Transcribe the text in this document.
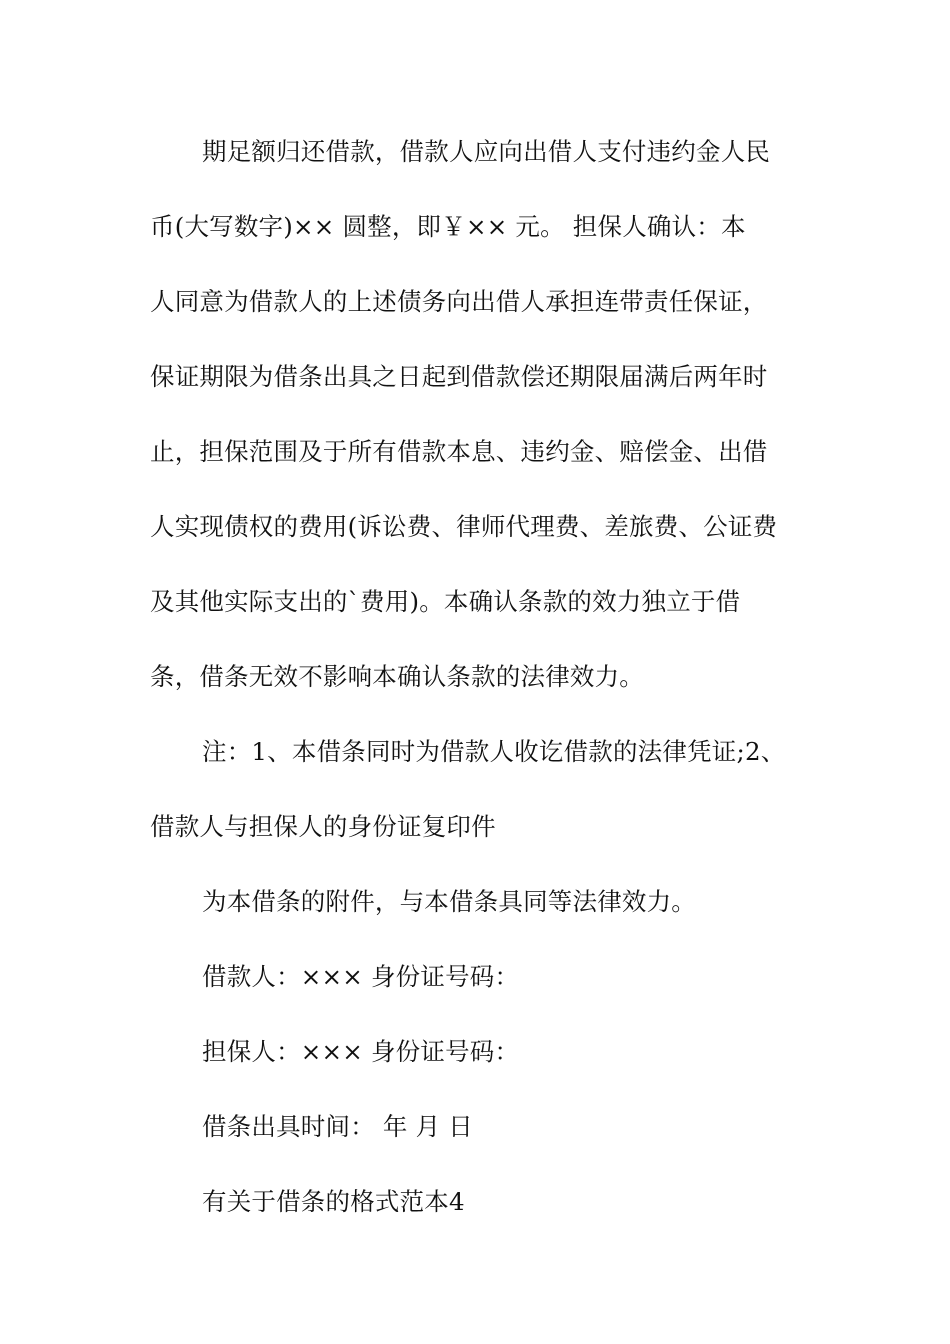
期足额归还借款，借款人应向出借人支付违约金人民
币(大写数字)×× 圆整，即￥×× 元。 担保人确认：本
人同意为借款人的上述债务向出借人承担连带责任保证，
保证期限为借条出具之日起到借款偿还期限届满后两年时
止，担保范围及于所有借款本息、违约金、赔偿金、出借
人实现债权的费用(诉讼费、律师代理费、差旅费、公证费
及其他实际支出的`费用)。本确认条款的效力独立于借
条，借条无效不影响本确认条款的法律效力。
注：1、本借条同时为借款人收讫借款的法律凭证;2、
借款人与担保人的身份证复印件
为本借条的附件，与本借条具同等法律效力。
借款人：××× 身份证号码：
担保人：××× 身份证号码：
借条出具时间： 年 月 日
有关于借条的格式范本4
